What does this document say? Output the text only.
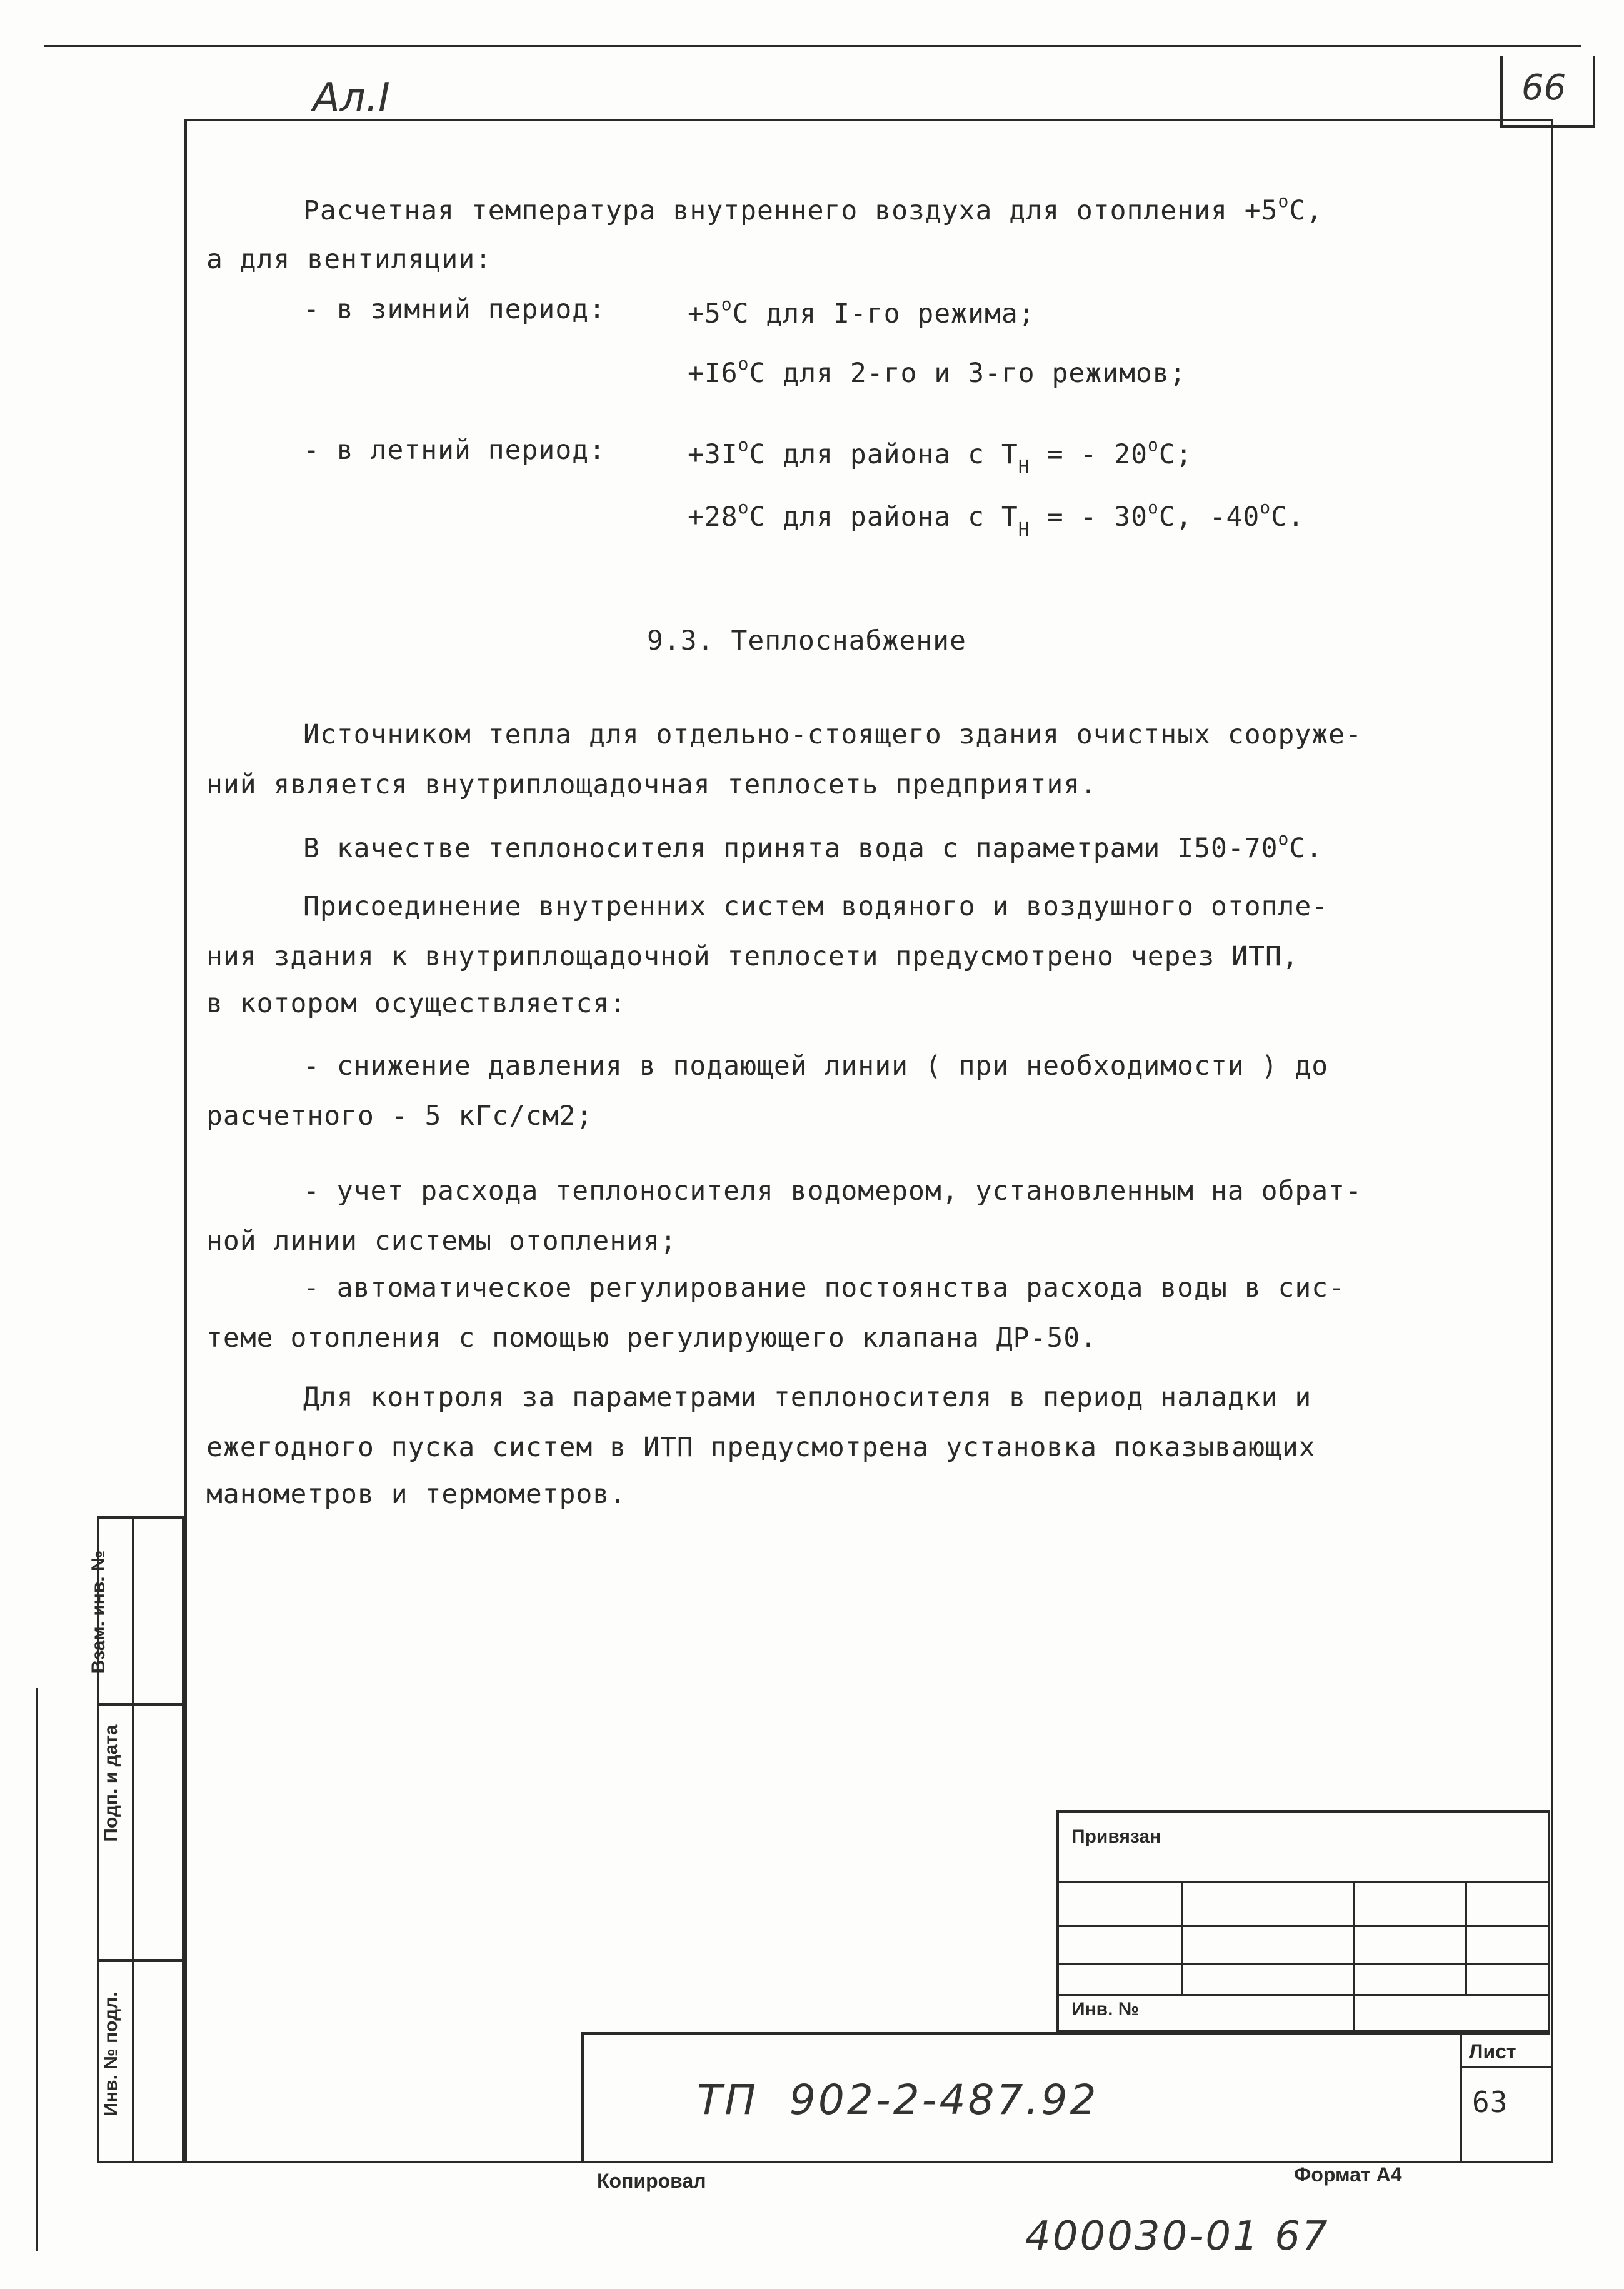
Ал.I	66
Расчетная температура внутреннего воздуха для отопления $+5^оС$,
а для вентиляции:
- в зимний период:	$+5^оС$ для I-го режима;
$+I6^оС$ для 2-го и 3-го режимов;
- в летний период:	$+3I^оС$ для района с $Т_Н$ = - $20^оС$;
$+28^оС$ для района с $Т_Н$ = - $30^оС$, $-40^оС$.
9.3. Теплоснабжение
Источником тепла для отдельно-стоящего здания очистных сооруже-
ний является внутриплощадочная теплосеть предприятия.
В качестве теплоносителя принята вода с параметрами $I50-70^оС$.
Присоединение внутренних систем водяного и воздушного отопле-
ния здания к внутриплощадочной теплосети предусмотрено через ИТП,
в котором осуществляется:
- снижение давления в подающей линии ( при необходимости ) до
расчетного - 5 кГс/см2;
- учет расхода теплоносителя водомером, установленным на обрат-
ной линии системы отопления;
- автоматическое регулирование постоянства расхода воды в сис-
теме отопления с помощью регулирующего клапана ДР-50.
Для контроля за параметрами теплоносителя в период наладки и
ежегодного пуска систем в ИТП предусмотрена установка показывающих
манометров и термометров.
Взам. инв. №
Подп. и дата
Инв. № подл.
Привязан
Инв. №
ТП  902-2-487.92
Лист
63
Копировал	Формат А4
400030-01 67
